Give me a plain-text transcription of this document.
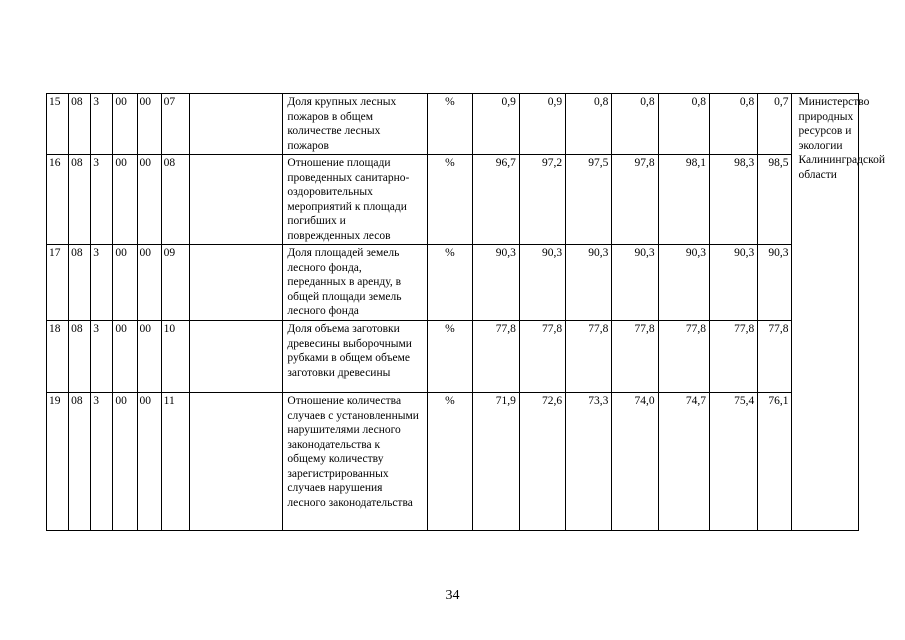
15	08	3	00	00	07		Доля крупных лесных пожаров в общем количестве лесных пожаров	%	0,9	0,9	0,8	0,8	0,8	0,8	0,7	Министерство природных ресурсов и экологии Калининградской области
16	08	3	00	00	08		Отношение площади проведенных санитарно-оздоровительных мероприятий к площади погибших и поврежденных лесов	%	96,7	97,2	97,5	97,8	98,1	98,3	98,5	
17	08	3	00	00	09		Доля площадей земель лесного фонда, переданных в аренду, в общей площади земель лесного фонда	%	90,3	90,3	90,3	90,3	90,3	90,3	90,3	
18	08	3	00	00	10		Доля объема заготовки древесины выборочными рубками в общем объеме заготовки древесины	%	77,8	77,8	77,8	77,8	77,8	77,8	77,8	
19	08	3	00	00	11		Отношение количества случаев с установленными нарушителями лесного законодательства к общему количеству зарегистрированных случаев нарушения лесного законодательства	%	71,9	72,6	73,3	74,0	74,7	75,4	76,1	
34
